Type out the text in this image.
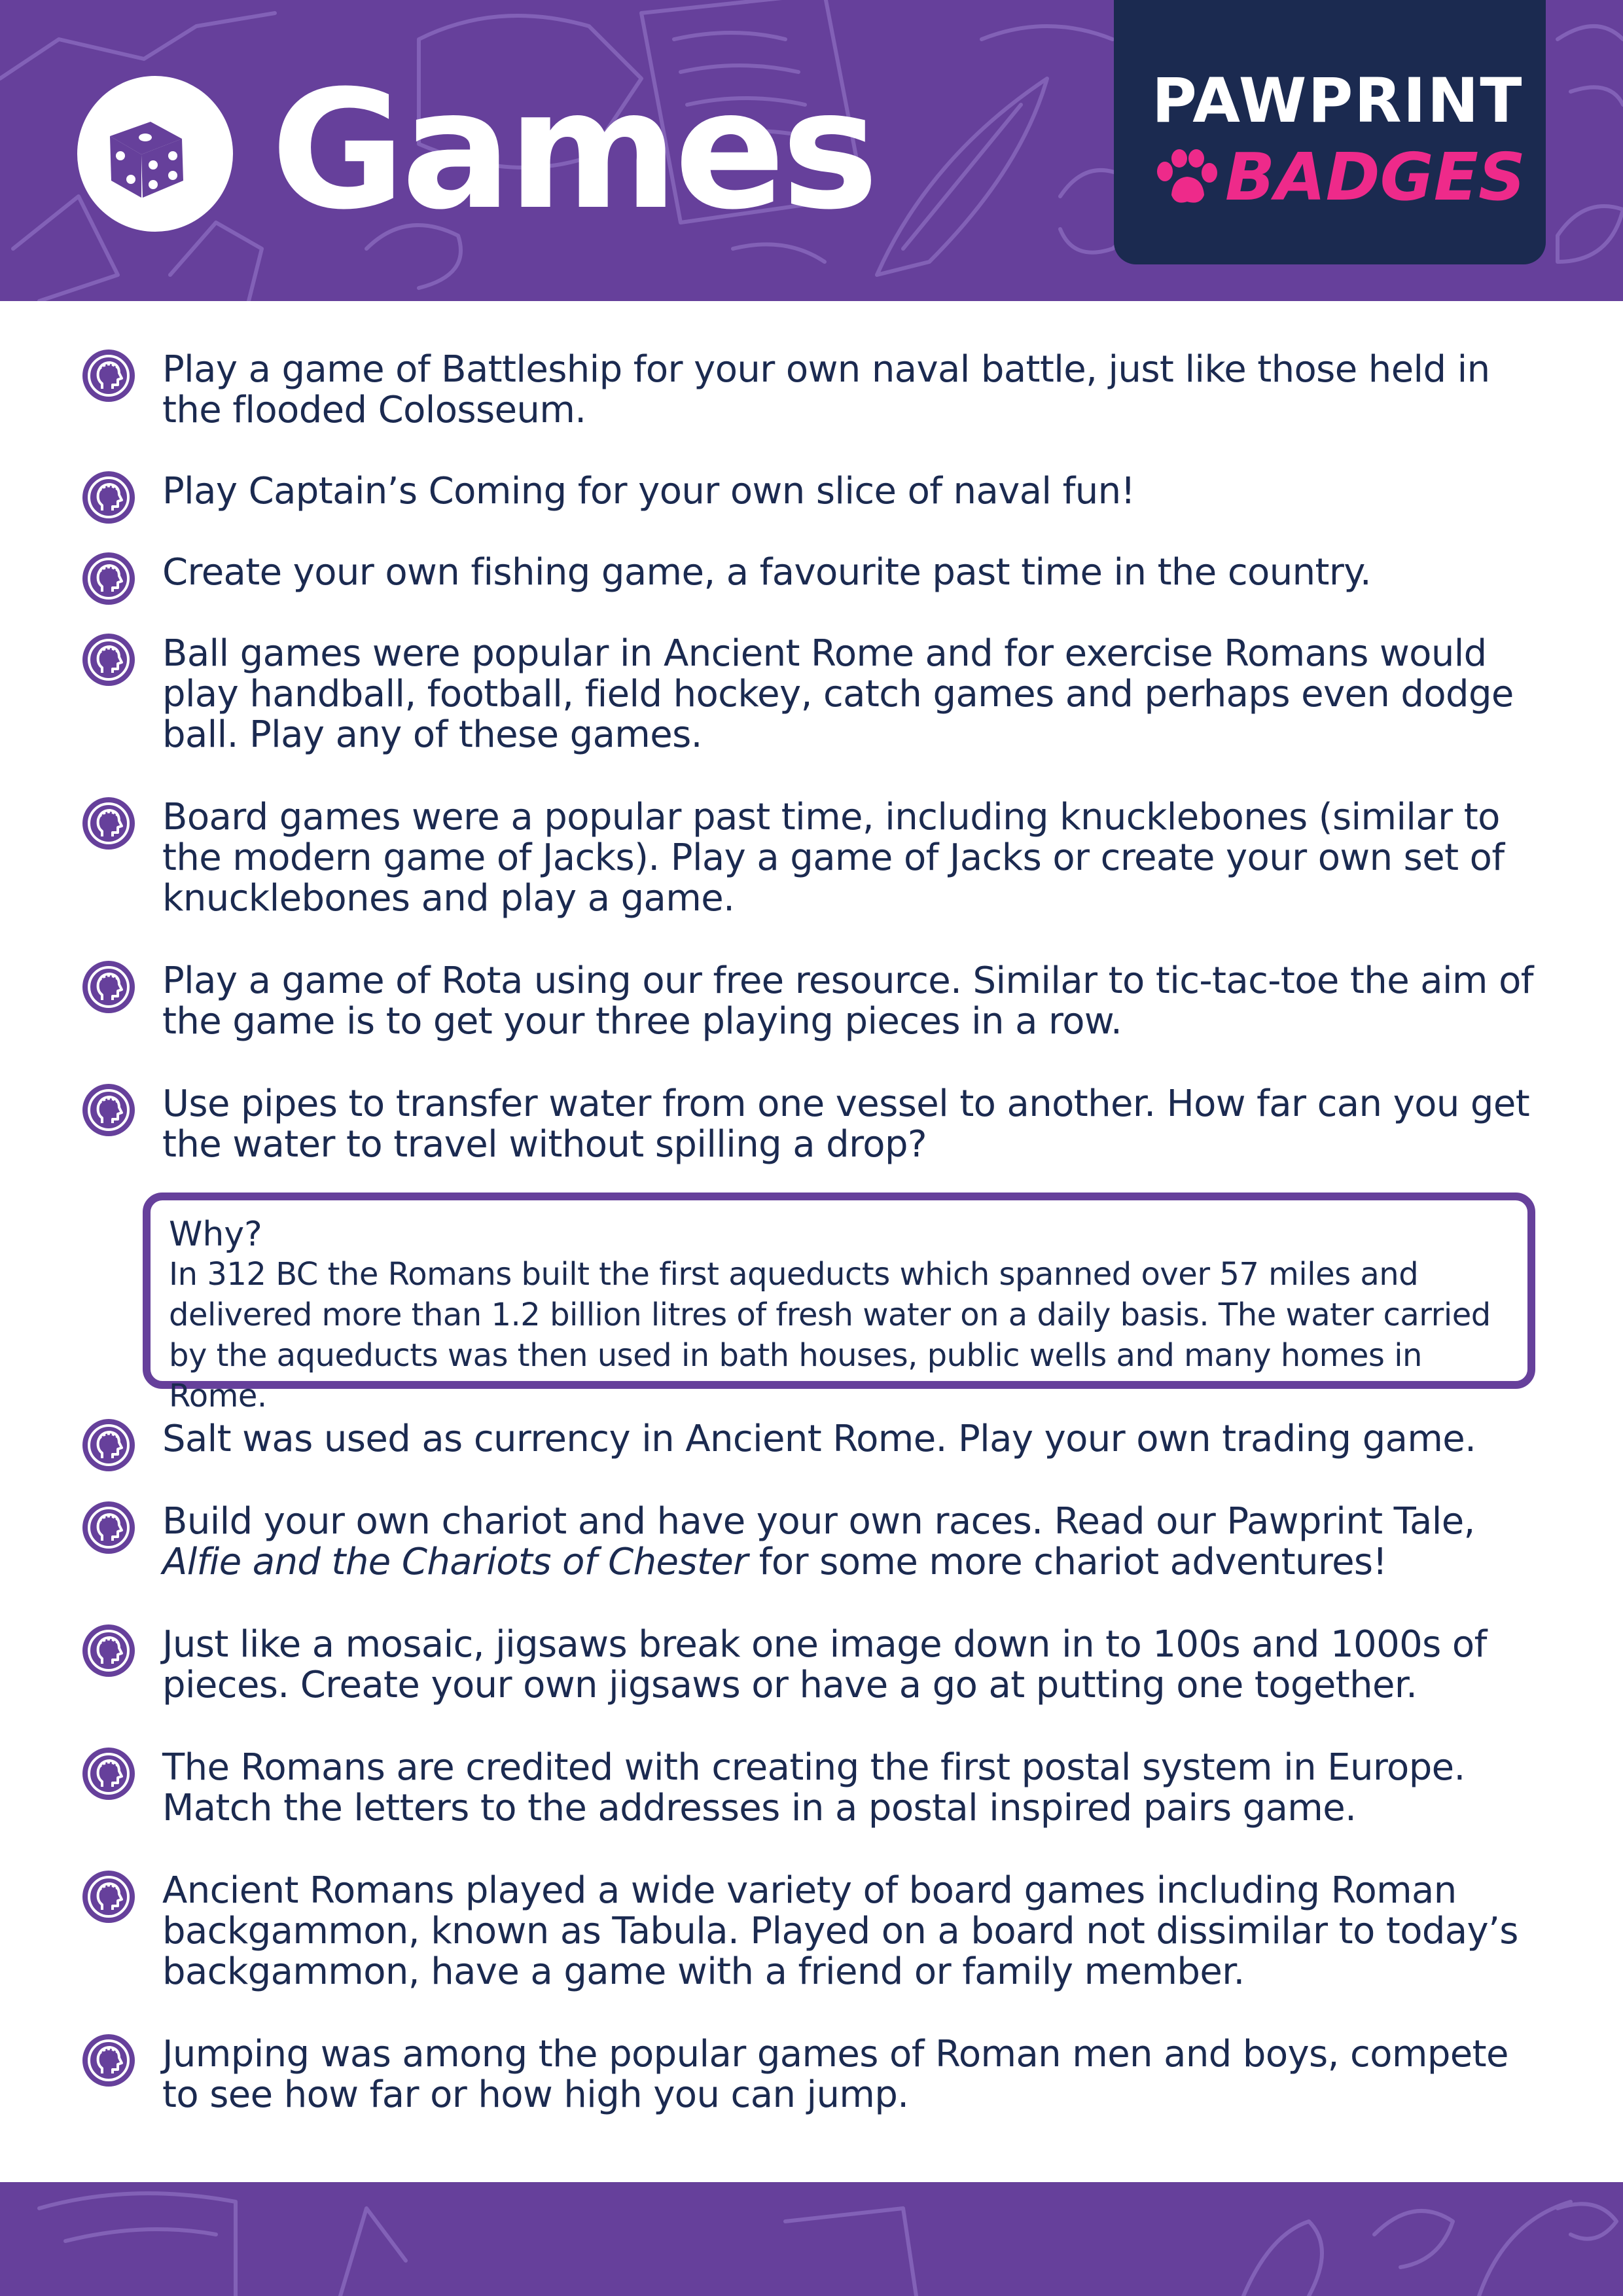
Games	PAWPRINT
BADGES
Play a game of Battleship for your own naval battle, just like those held in the flooded Colosseum.
Play Captain’s Coming for your own slice of naval fun!
Create your own fishing game, a favourite past time in the country.
Ball games were popular in Ancient Rome and for exercise Romans would play handball, football, field hockey, catch games and perhaps even dodge ball. Play any of these games.
Board games were a popular past time, including knucklebones (similar to the modern game of Jacks). Play a game of Jacks or create your own set of knucklebones and play a game.
Play a game of Rota using our free resource. Similar to tic-tac-toe the aim of the game is to get your three playing pieces in a row.
Use pipes to transfer water from one vessel to another. How far can you get the water to travel without spilling a drop?
Why?
In 312 BC the Romans built the first aqueducts which spanned over 57 miles and delivered more than 1.2 billion litres of fresh water on a daily basis. The water carried by the aqueducts was then used in bath houses, public wells and many homes in Rome.
Salt was used as currency in Ancient Rome. Play your own trading game.
Build your own chariot and have your own races. Read our Pawprint Tale, Alfie and the Chariots of Chester for some more chariot adventures!
Just like a mosaic, jigsaws break one image down in to 100s and 1000s of pieces. Create your own jigsaws or have a go at putting one together.
The Romans are credited with creating the first postal system in Europe. Match the letters to the addresses in a postal inspired pairs game.
Ancient Romans played a wide variety of board games including Roman backgammon, known as Tabula. Played on a board not dissimilar to today’s backgammon, have a game with a friend or family member.
Jumping was among the popular games of Roman men and boys, compete to see how far or how high you can jump.
